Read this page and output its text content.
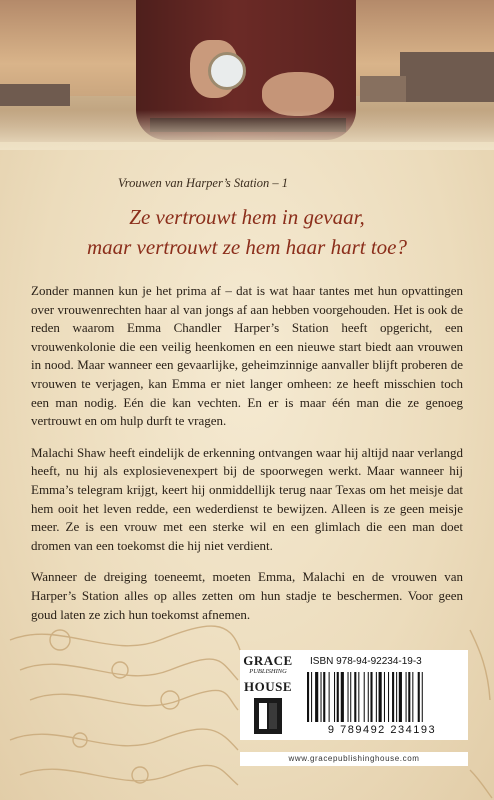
Vrouwen van Harper’s Station – 1
Ze vertrouwt hem in gevaar,
maar vertrouwt ze hem haar hart toe?

Zonder mannen kun je het prima af – dat is wat haar tantes met hun opvattingen over vrouwenrechten haar al van jongs af aan hebben voorgehouden. Het is ook de reden waarom Emma Chandler Harper’s Station heeft opgericht, een vrouwenkolonie die een veilig heenkomen en een nieuwe start biedt aan vrouwen in nood. Maar wanneer een gevaarlijke, geheimzinnige aanvaller blijft proberen de vrouwen te verjagen, kan Emma er niet langer omheen: ze heeft misschien toch een man nodig. Eén die kan vechten. En er is maar één man die ze genoeg vertrouwt en om hulp durft te vragen.

Malachi Shaw heeft eindelijk de erkenning ontvangen waar hij altijd naar verlangd heeft, nu hij als explosievenexpert bij de spoorwegen werkt. Maar wanneer hij Emma’s telegram krijgt, keert hij onmiddellijk terug naar Texas om het meisje dat hem ooit het leven redde, een wederdienst te bewijzen. Alleen is ze geen meisje meer. Ze is een vrouw met een sterke wil en een glimlach die een man doet dromen van een toekomst die hij niet verdient.

Wanneer de dreiging toeneemt, moeten Emma, Malachi en de vrouwen van Harper’s Station alles op alles zetten om hun stadje te beschermen. Voor geen goud laten ze zich hun toekomst afnemen.

GRACE
PUBLISHING
HOUSE
ISBN 978-94-92234-19-3
9 789492 234193
www.gracepublishinghouse.com
